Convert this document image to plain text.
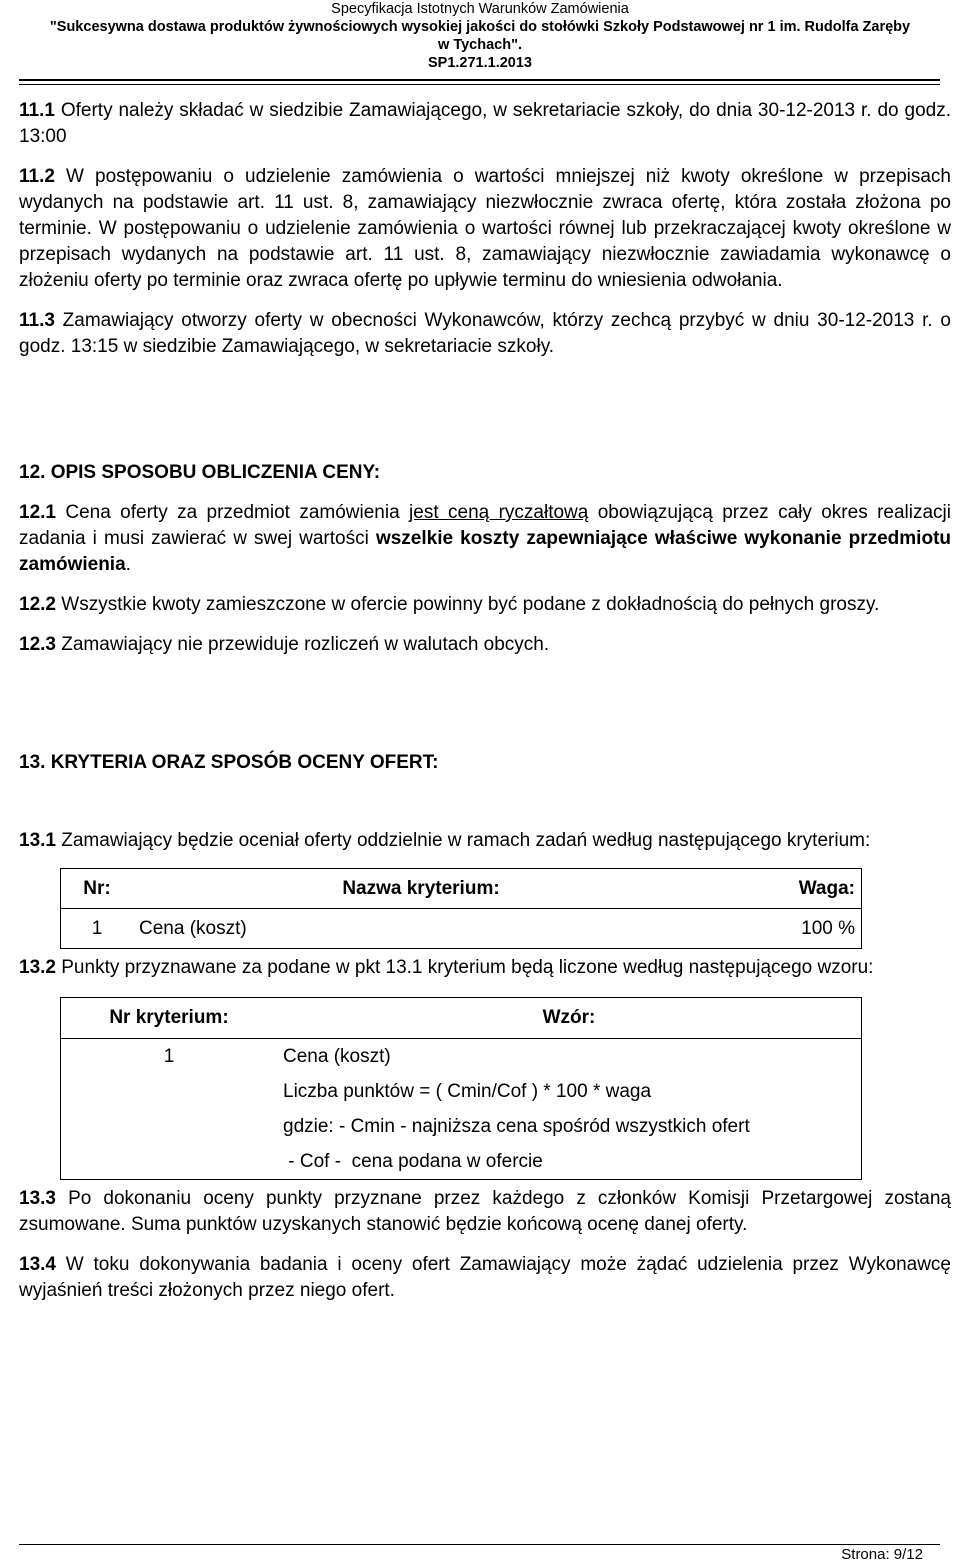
Specyfikacja Istotnych Warunków Zamówienia
"Sukcesywna dostawa produktów żywnościowych wysokiej jakości do stołówki Szkoły Podstawowej nr 1 im. Rudolfa Zaręby
w Tychach".
SP1.271.1.2013

11.1 Oferty należy składać w siedzibie Zamawiającego, w sekretariacie szkoły, do dnia 30-12-2013 r. do godz. 13:00

11.2 W postępowaniu o udzielenie zamówienia o wartości mniejszej niż kwoty określone w przepisach wydanych na podstawie art. 11 ust. 8, zamawiający niezwłocznie zwraca ofertę, która została złożona po terminie. W postępowaniu o udzielenie zamówienia o wartości równej lub przekraczającej kwoty określone w przepisach wydanych na podstawie art. 11 ust. 8, zamawiający niezwłocznie zawiadamia wykonawcę o złożeniu oferty po terminie oraz zwraca ofertę po upływie terminu do wniesienia odwołania.

11.3 Zamawiający otworzy oferty w obecności Wykonawców, którzy zechcą przybyć w dniu 30-12-2013 r. o godz. 13:15 w siedzibie Zamawiającego, w sekretariacie szkoły.

12. OPIS SPOSOBU OBLICZENIA CENY:

12.1 Cena oferty za przedmiot zamówienia jest ceną ryczałtową obowiązującą przez cały okres realizacji zadania i musi zawierać w swej wartości wszelkie koszty zapewniające właściwe wykonanie przedmiotu zamówienia.

12.2 Wszystkie kwoty zamieszczone w ofercie powinny być podane z dokładnością do pełnych groszy.

12.3 Zamawiający nie przewiduje rozliczeń w walutach obcych.

13. KRYTERIA ORAZ SPOSÓB OCENY OFERT:

13.1 Zamawiający będzie oceniał oferty oddzielnie w ramach zadań według następującego kryterium:

Nr:	Nazwa kryterium:	Waga:
1	Cena (koszt)	100 %

13.2 Punkty przyznawane za podane w pkt 13.1 kryterium będą liczone według następującego wzoru:

Nr kryterium:	Wzór:
1	Cena (koszt)
	Liczba punktów = ( Cmin/Cof ) * 100 * waga
	gdzie: - Cmin - najniższa cena spośród wszystkich ofert
	- Cof -  cena podana w ofercie

13.3 Po dokonaniu oceny punkty przyznane przez każdego z członków Komisji Przetargowej zostaną zsumowane. Suma punktów uzyskanych stanowić będzie końcową ocenę danej oferty.

13.4 W toku dokonywania badania i oceny ofert Zamawiający może żądać udzielenia przez Wykonawcę wyjaśnień treści złożonych przez niego ofert.

Strona: 9/12
